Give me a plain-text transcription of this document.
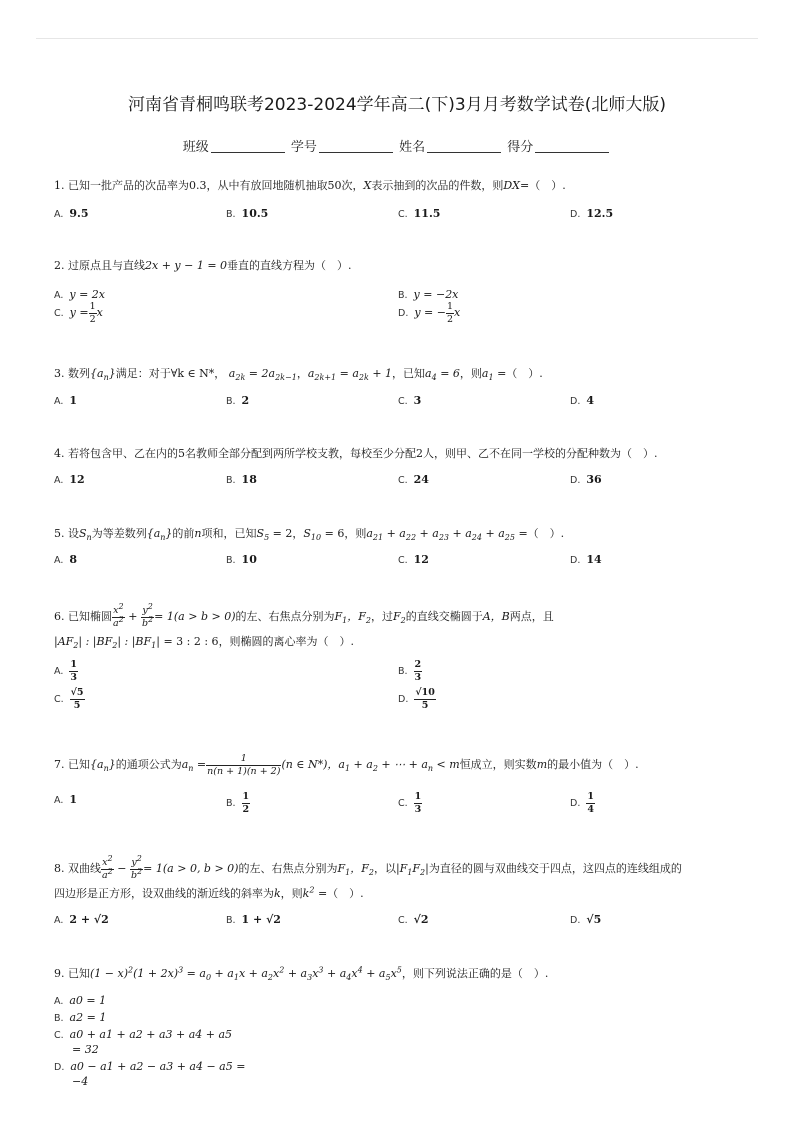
河南省青桐鸣联考2023-2024学年高二(下)3月月考数学试卷(北师大版)
班级	学号	姓名	得分
1. 已知一批产品的次品率为0.3，从中有放回地随机抽取50次，X表示抽到的次品的件数，则DX=（　）.
A. 9.5	B. 10.5	C. 11.5	D. 12.5
2. 过原点且与直线2x + y − 1 = 0垂直的直线方程为（　）.
A. y = 2x	B. y = −2x
C. $y = \frac{1}{2}$ x	D. y = − $\frac{1}{2}$ x
3. 数列$\{a_n\}$满足：对于∀k ∈ N*， $a_{2k} = 2a_{2k-1}$，$a_{2k+1} = a_{2k} + 1$，已知$a_4 = 6$，则$a_1$ =（　）.
A. 1	B. 2	C. 3	D. 4
4. 若将包含甲、乙在内的5名教师全部分配到两所学校支教，每校至少分配2人，则甲、乙不在同一学校的分配种数为（　）.
A. 12	B. 18	C. 24	D. 36
5. 设$S_n$为等差数列$\{a_n\}$的前n项和，已知$S_5 = 2$，$S_{10} = 6$，则$a_{21} + a_{22} + a_{23} + a_{24} + a_{25}$ =（　）.
A. 8	B. 10	C. 12	D. 14
6. 已知椭圆 $\frac{x^2}{a^2} + \frac{y^2}{b^2} = 1(a > b > 0)$的左、右焦点分别为$F_1$，$F_2$，过$F_2$的直线交椭圆于A，B两点，且
$|AF_2|$ : $|BF_2|$ : $|BF_1| = 3$ : 2 : 6，则椭圆的离心率为（　）.
A. $\frac{1}{3}$	B. $\frac{2}{3}$
C. $\frac{√5}{5}$	D. $\frac{√10}{5}$
7. 已知$\{a_n\}$的通项公式为$a_n = \frac{1}{n(n + 1)(n + 2)} (n$ ∈ N*)，$a_1 + a_2$ + ⋯ + $a_n < m$恒成立，则实数m的最小值为（　）.
A. 1	B. $\frac{1}{2}$	C. $\frac{1}{3}$	D. $\frac{1}{4}$
8. 双曲线 $\frac{x^2}{a^2} - \frac{y^2}{b^2} = 1(a > 0$, b > 0)的左、右焦点分别为$F_1$，$F_2$，以$|F_1F_2|$为直径的圆与双曲线交于四点，这四点的连线组成的
四边形是正方形，设双曲线的渐近线的斜率为k，则$k^2$ =（　）.
A. 2 + √2	B. 1 + √2	C. √2	D. √5
9. 已知$(1 - x)^2(1 + 2x)^3 = a_0 + a_1x + a_2x^2 + a_3x^3 + a_4x^4 + a_5x^5$，则下列说法正确的是（　）.
A. a0 = 1
B. a2 = 1
C. a0 + a1 + a2 + a3 + a4 + a5
= 32
D. a0 − a1 + a2 − a3 + a4 − a5 =
−4
